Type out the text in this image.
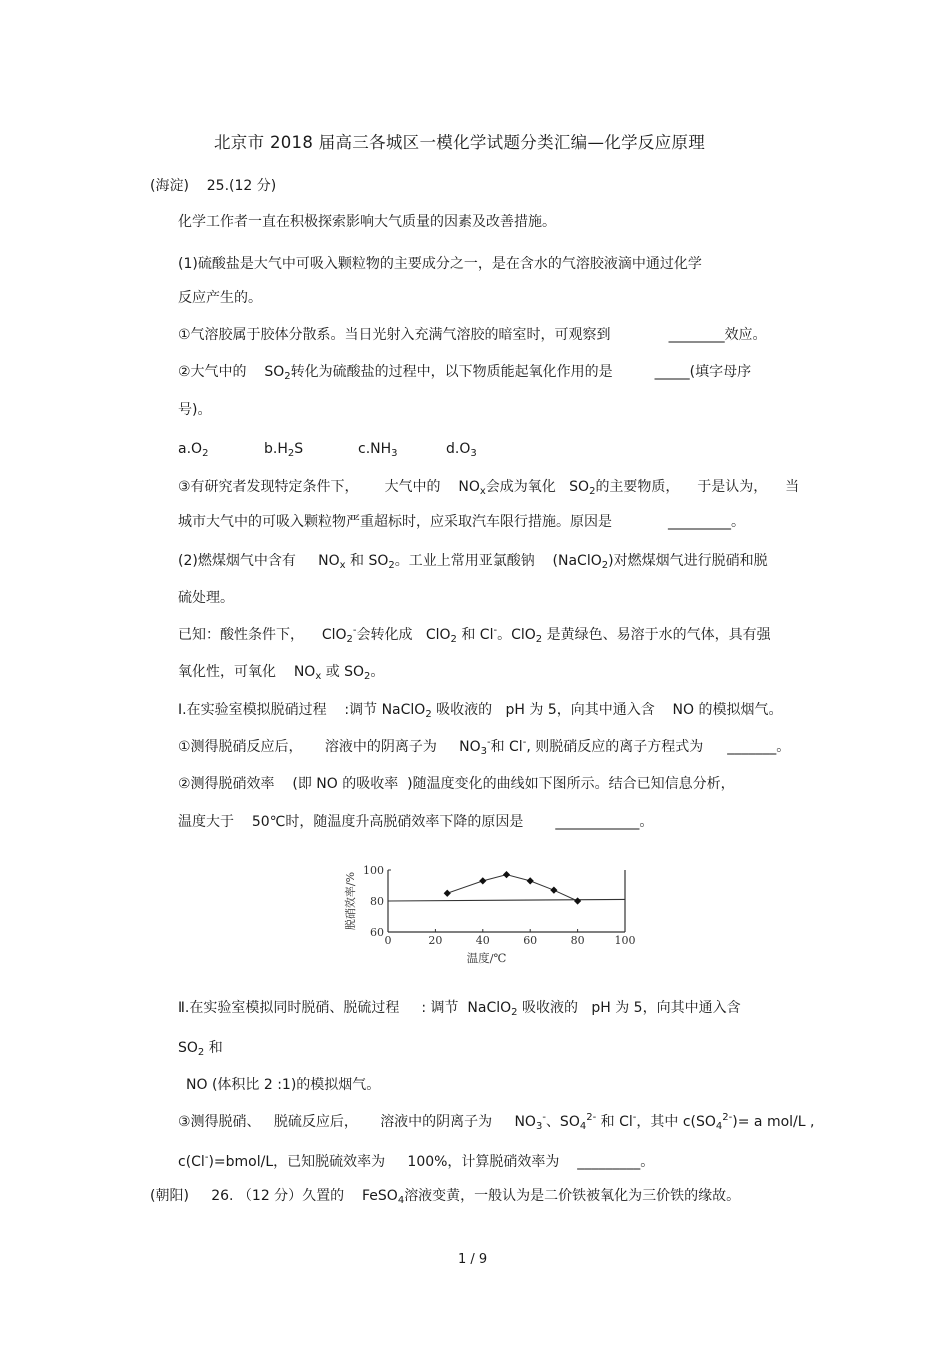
北京市 2018 届高三各城区一模化学试题分类汇编—化学反应原理
(海淀) 25.(12 分)
化学工作者一直在积极探索影响大气质量的因素及改善措施。
(1)硫酸盐是大气中可吸入颗粒物的主要成分之一，是在含水的气溶胶液滴中通过化学
反应产生的。
①气溶胶属于胶体分散系。当日光射入充满气溶胶的暗室时，可观察到	________效应。
②大气中的 $SO_2$转化为硫酸盐的过程中，以下物质能起氧化作用的是	_____(填字母序
号)。
$a.O_2$	$b.H_2S$	$c.NH_3$	$d.O_3$
③有研究者发现特定条件下， 大气中的 $NO_x$会成为氧化 $SO_2$的主要物质， 于是认为， 当
城市大气中的可吸入颗粒物严重超标时，应采取汽车限行措施。原因是	_________。
(2)燃煤烟气中含有 $NO_x$ 和 $SO_2$。工业上常用亚氯酸钠 (NaClO$_2$)对燃煤烟气进行脱硝和脱
硫处理。
已知：酸性条件下， ClO$_2$-会转化成 ClO$_2$ 和 Cl-。ClO$_2$ 是黄绿色、易溶于水的气体，具有强
氧化性，可氧化 $NO_x$ 或 $SO_2$。
Ⅰ.在实验室模拟脱硝过程 :调节 NaClO$_2$ 吸收液的 pH 为 5，向其中通入含 NO 的模拟烟气。
①测得脱硝反应后， 溶液中的阴离子为 $NO_3^-$和 Cl-, 则脱硝反应的离子方程式为 _______。
②测得脱硝效率 (即 NO 的吸收率 )随温度变化的曲线如下图所示。结合已知信息分析，
温度大于 50℃时，随温度升高脱硝效率下降的原因是 ____________。
0	20	40	60	80	100
60
80
100
温度/℃
脱硝效率/%
Ⅱ.在实验室模拟同时脱硝、脱硫过程 : 调节 NaClO$_2$ 吸收液的 pH 为 5，向其中通入含
$SO_2$ 和
NO (体积比 2 :1)的模拟烟气。
③测得脱硝、 脱硫反应后， 溶液中的阴离子为 $NO_3^-$、$SO_4^{2-}$ 和 Cl-，其中 $c(SO_4^{2-})= a$ mol/L ,
c(Cl-)=bmol/L，已知脱硫效率为 100%，计算脱硝效率为 _________。
(朝阳) 26. （12 分）久置的 FeSO$_4$溶液变黄，一般认为是二价铁被氧化为三价铁的缘故。
1 / 9
